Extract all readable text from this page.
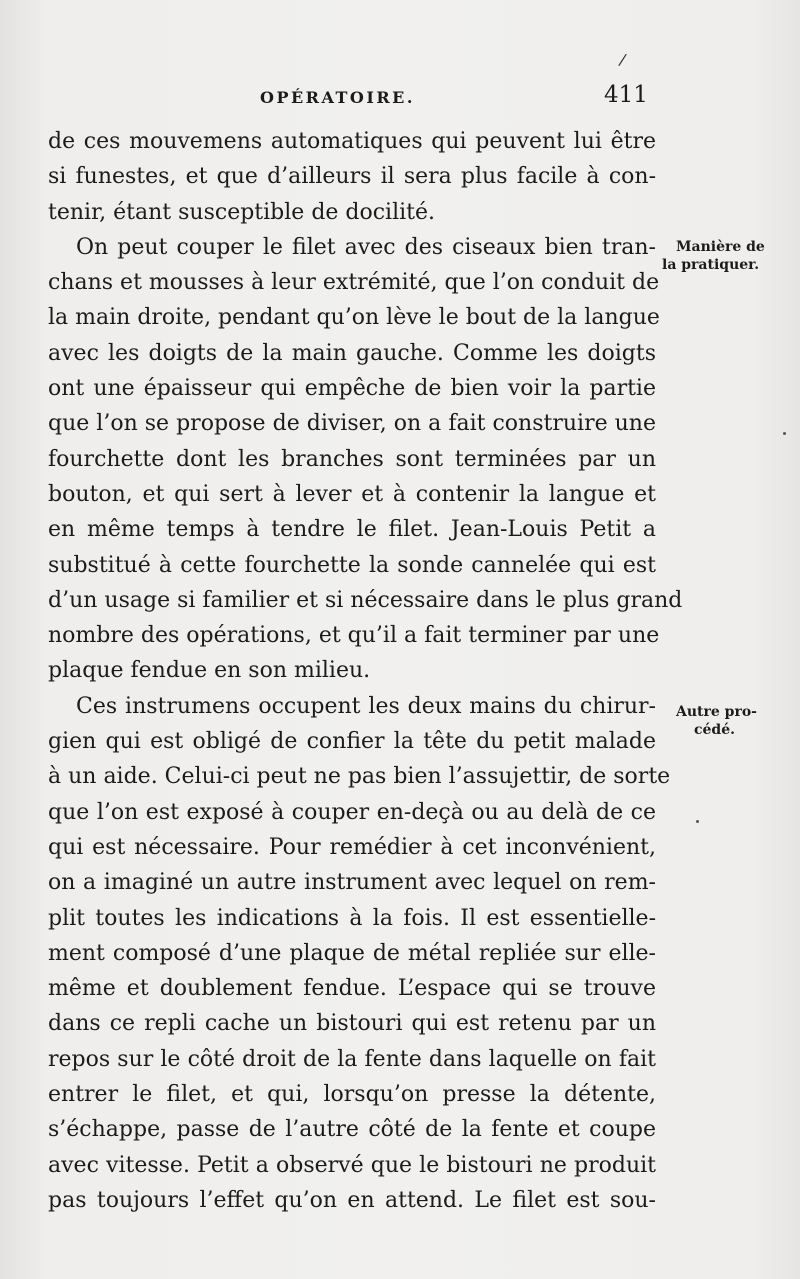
/
OPÉRATOIRE.	411
de ces mouvemens automatiques qui peuvent lui être
si funestes, et que d’ailleurs il sera plus facile à con-
tenir, étant susceptible de docilité.
On peut couper le filet avec des ciseaux bien tran-
chans et mousses à leur extrémité, que l’on conduit de
la main droite, pendant qu’on lève le bout de la langue
avec les doigts de la main gauche. Comme les doigts
ont une épaisseur qui empêche de bien voir la partie
que l’on se propose de diviser, on a fait construire une
fourchette dont les branches sont terminées par un
bouton, et qui sert à lever et à contenir la langue et
en même temps à tendre le filet. Jean-Louis Petit a
substitué à cette fourchette la sonde cannelée qui est
d’un usage si familier et si nécessaire dans le plus grand
nombre des opérations, et qu’il a fait terminer par une
plaque fendue en son milieu.
Ces instrumens occupent les deux mains du chirur-
gien qui est obligé de confier la tête du petit malade
à un aide. Celui-ci peut ne pas bien l’assujettir, de sorte
que l’on est exposé à couper en-deçà ou au delà de ce
qui est nécessaire. Pour remédier à cet inconvénient,
on a imaginé un autre instrument avec lequel on rem-
plit toutes les indications à la fois. Il est essentielle-
ment composé d’une plaque de métal repliée sur elle-
même et doublement fendue. L’espace qui se trouve
dans ce repli cache un bistouri qui est retenu par un
repos sur le côté droit de la fente dans laquelle on fait
entrer le filet, et qui, lorsqu’on presse la détente,
s’échappe, passe de l’autre côté de la fente et coupe
avec vitesse. Petit a observé que le bistouri ne produit
pas toujours l’effet qu’on en attend. Le filet est sou-
Manière de
la pratiquer.
Autre pro-
cédé.
